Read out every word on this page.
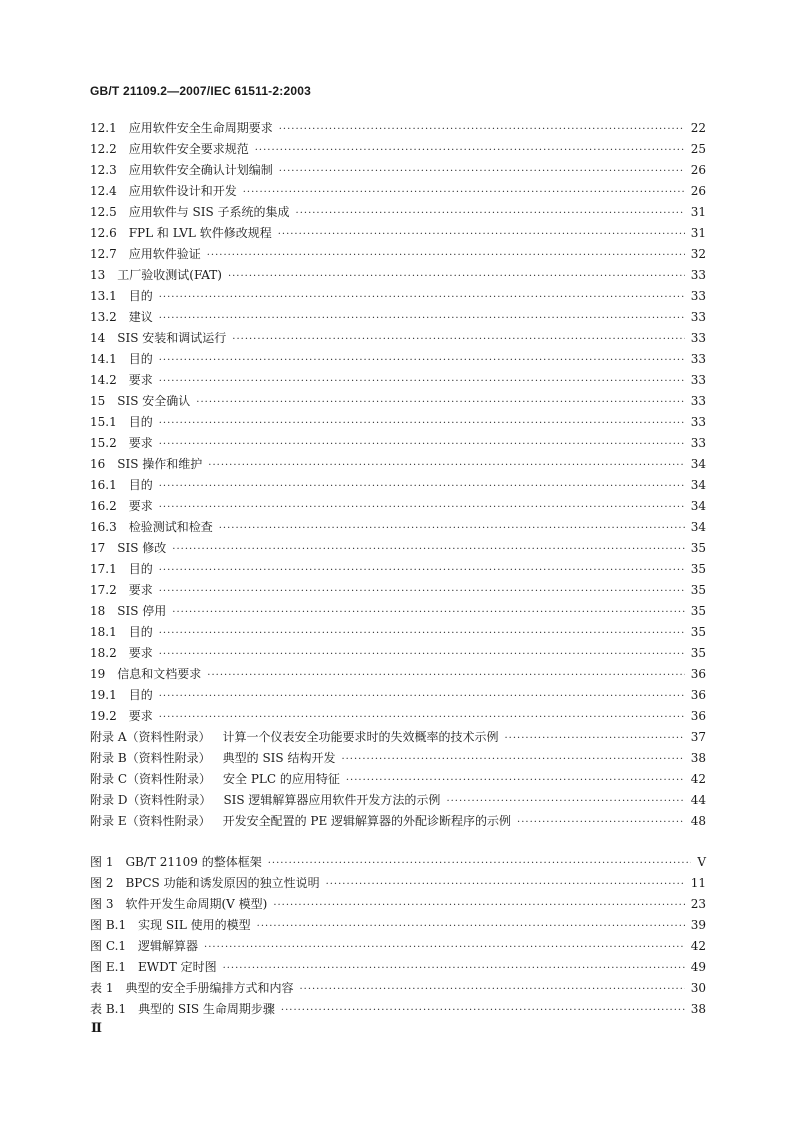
GB/T 21109.2—2007/IEC 61511-2:2003
12.1 应用软件安全生命周期要求 ·····	22
12.2 应用软件安全要求规范 ·····	25
12.3 应用软件安全确认计划编制 ·····	26
12.4 应用软件设计和开发 ·····	26
12.5 应用软件与 SIS 子系统的集成 ·····	31
12.6 FPL 和 LVL 软件修改规程 ·····	31
12.7 应用软件验证 ·····	32
13 工厂验收测试(FAT) ·····	33
13.1 目的 ·····	33
13.2 建议 ·····	33
14 SIS 安装和调试运行 ·····	33
14.1 目的 ·····	33
14.2 要求 ·····	33
15 SIS 安全确认 ·····	33
15.1 目的 ·····	33
15.2 要求 ·····	33
16 SIS 操作和维护 ·····	34
16.1 目的 ·····	34
16.2 要求 ·····	34
16.3 检验测试和检查 ·····	34
17 SIS 修改 ·····	35
17.1 目的 ·····	35
17.2 要求 ·····	35
18 SIS 停用 ·····	35
18.1 目的 ·····	35
18.2 要求 ·····	35
19 信息和文档要求 ·····	36
19.1 目的 ·····	36
19.2 要求 ·····	36
附录 A（资料性附录） 计算一个仪表安全功能要求时的失效概率的技术示例 ·····	37
附录 B（资料性附录） 典型的 SIS 结构开发 ·····	38
附录 C（资料性附录） 安全 PLC 的应用特征 ·····	42
附录 D（资料性附录） SIS 逻辑解算器应用软件开发方法的示例 ·····	44
附录 E（资料性附录） 开发安全配置的 PE 逻辑解算器的外配诊断程序的示例 ·····	48
图 1 GB/T 21109 的整体框架 ·····	Ⅴ
图 2 BPCS 功能和诱发原因的独立性说明 ·····	11
图 3 软件开发生命周期(V 模型) ·····	23
图 B.1 实现 SIL 使用的模型 ·····	39
图 C.1 逻辑解算器 ·····	42
图 E.1 EWDT 定时图 ·····	49
表 1 典型的安全手册编排方式和内容 ·····	30
表 B.1 典型的 SIS 生命周期步骤 ·····	38
Ⅱ
